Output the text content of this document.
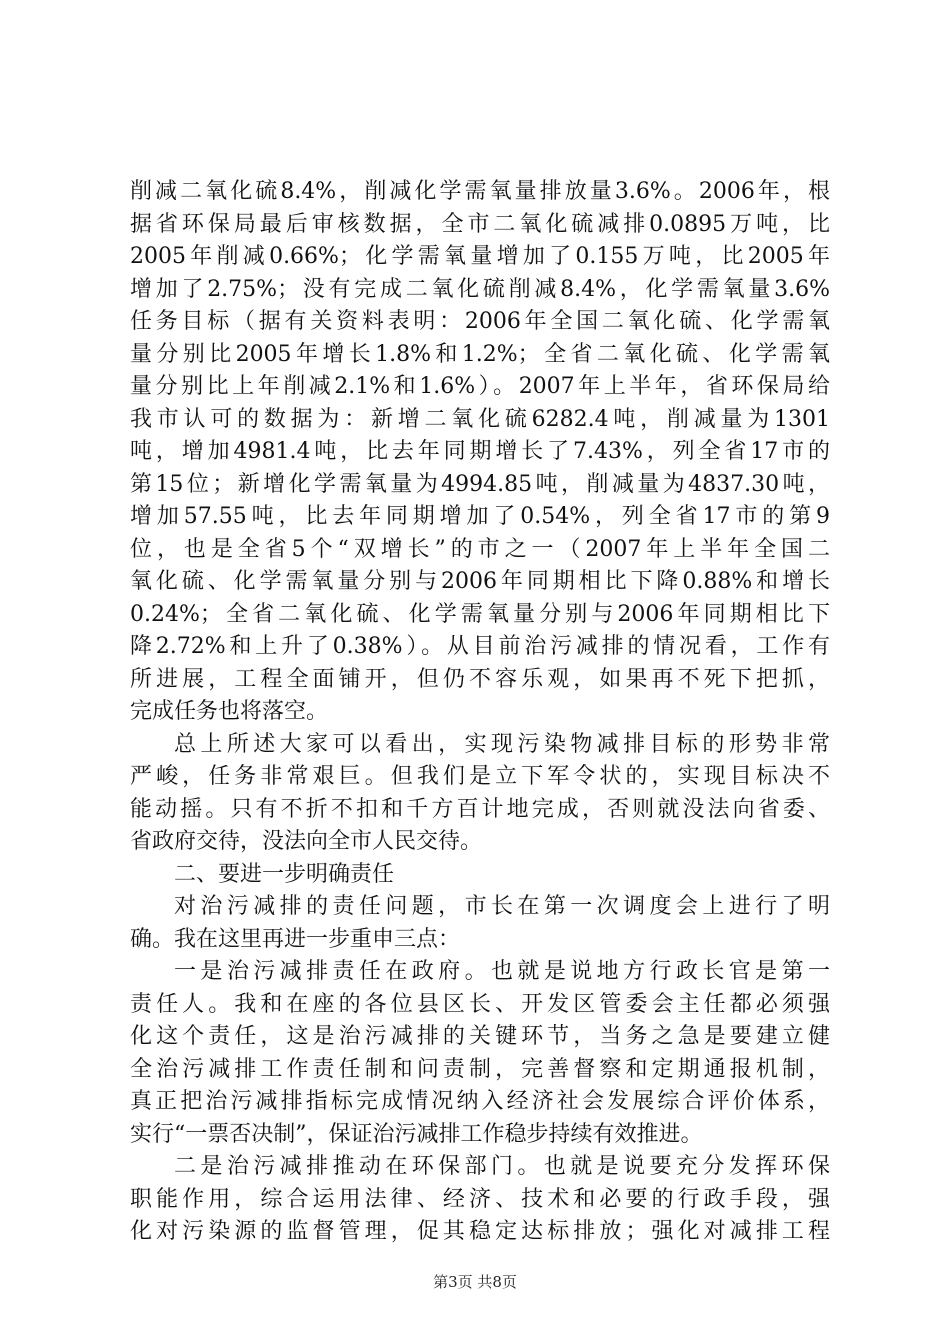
削减二氧化硫8.4%，削减化学需氧量排放量3.6%。2006年，根
据省环保局最后审核数据，全市二氧化硫减排0.0895万吨，比
2005年削减0.66%；化学需氧量增加了0.155万吨，比2005年
增加了2.75%；没有完成二氧化硫削减8.4%，化学需氧量3.6%
任务目标（据有关资料表明：2006年全国二氧化硫、化学需氧
量分别比2005年增长1.8%和1.2%；全省二氧化硫、化学需氧
量分别比上年削减2.1%和1.6%）。2007年上半年，省环保局给
我市认可的数据为：新增二氧化硫6282.4吨，削减量为1301
吨，增加4981.4吨，比去年同期增长了7.43%，列全省17市的
第15位；新增化学需氧量为4994.85吨，削减量为4837.30吨，
增加57.55吨，比去年同期增加了0.54%，列全省17市的第9
位，也是全省5个“双增长”的市之一（2007年上半年全国二
氧化硫、化学需氧量分别与2006年同期相比下降0.88%和增长
0.24%；全省二氧化硫、化学需氧量分别与2006年同期相比下
降2.72%和上升了0.38%）。从目前治污减排的情况看，工作有
所进展，工程全面铺开，但仍不容乐观，如果再不死下把抓，
完成任务也将落空。
总上所述大家可以看出，实现污染物减排目标的形势非常
严峻，任务非常艰巨。但我们是立下军令状的，实现目标决不
能动摇。只有不折不扣和千方百计地完成，否则就没法向省委、
省政府交待，没法向全市人民交待。
二、要进一步明确责任
对治污减排的责任问题，市长在第一次调度会上进行了明
确。我在这里再进一步重申三点：
一是治污减排责任在政府。也就是说地方行政长官是第一
责任人。我和在座的各位县区长、开发区管委会主任都必须强
化这个责任，这是治污减排的关键环节，当务之急是要建立健
全治污减排工作责任制和问责制，完善督察和定期通报机制，
真正把治污减排指标完成情况纳入经济社会发展综合评价体系，
实行“一票否决制”，保证治污减排工作稳步持续有效推进。
二是治污减排推动在环保部门。也就是说要充分发挥环保
职能作用，综合运用法律、经济、技术和必要的行政手段，强
化对污染源的监督管理，促其稳定达标排放；强化对减排工程
第3页 共8页
